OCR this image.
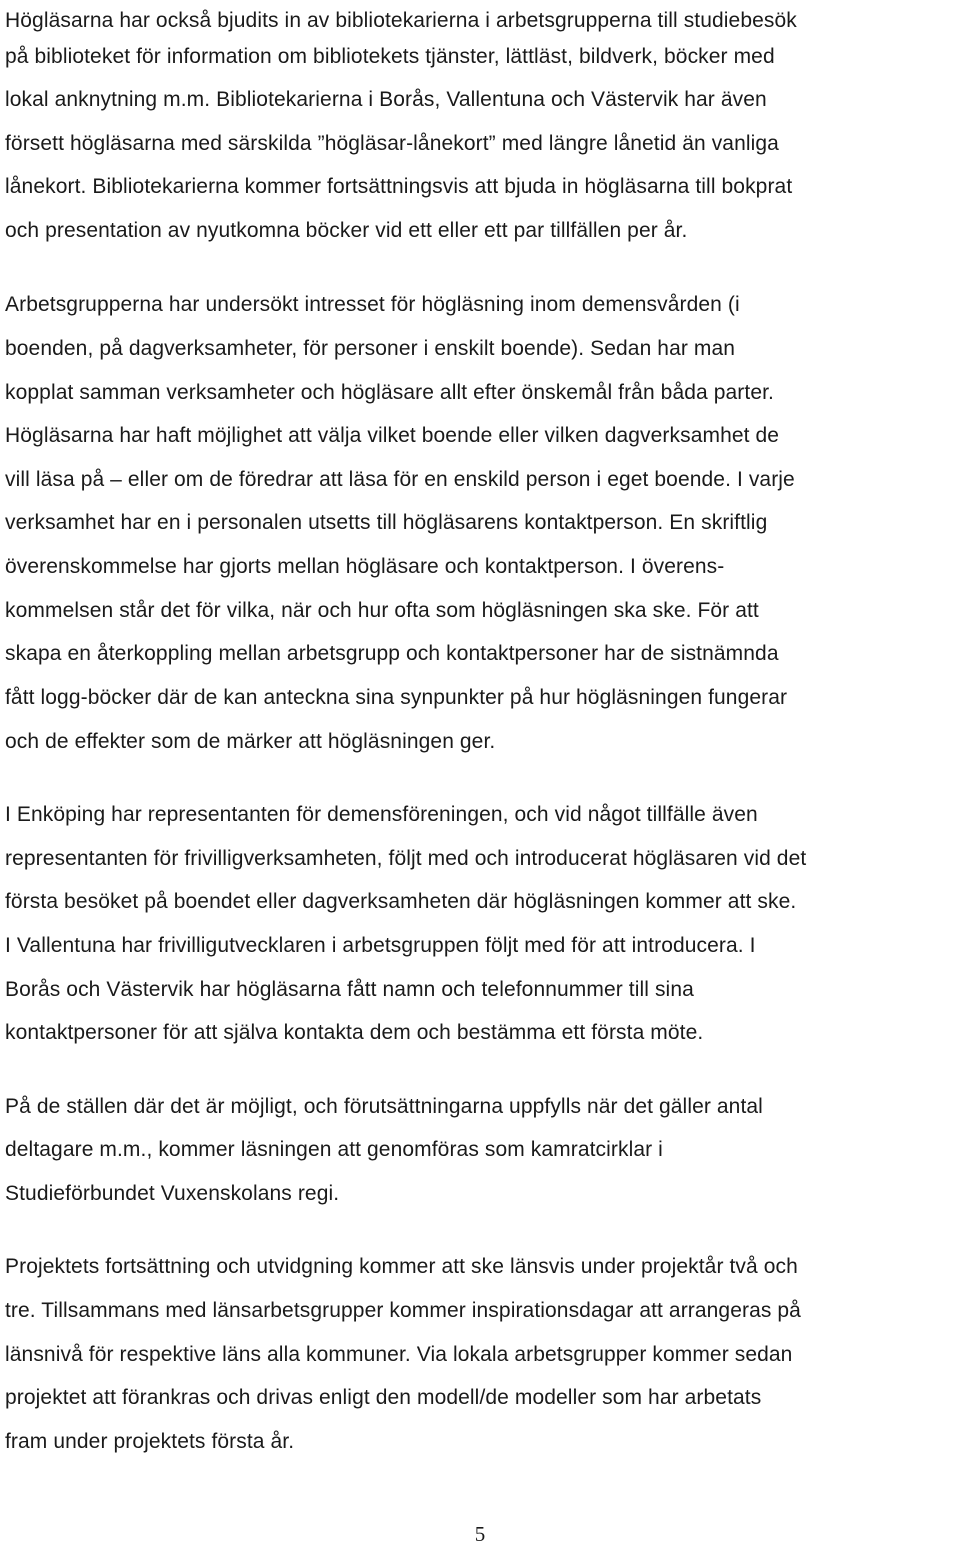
Högläsarna har också bjudits in av bibliotekarierna i arbetsgrupperna till studiebesök
på biblioteket för information om bibliotekets tjänster, lättläst, bildverk, böcker med
lokal anknytning m.m. Bibliotekarierna i Borås, Vallentuna och Västervik har även
försett högläsarna med särskilda ”högläsar-lånekort” med längre lånetid än vanliga
lånekort. Bibliotekarierna kommer fortsättningsvis att bjuda in högläsarna till bokprat
och presentation av nyutkomna böcker vid ett eller ett par tillfällen per år.
Arbetsgrupperna har undersökt intresset för högläsning inom demensvården (i
boenden, på dagverksamheter, för personer i enskilt boende). Sedan har man
kopplat samman verksamheter och högläsare allt efter önskemål från båda parter.
Högläsarna har haft möjlighet att välja vilket boende eller vilken dagverksamhet de
vill läsa på – eller om de föredrar att läsa för en enskild person i eget boende. I varje
verksamhet har en i personalen utsetts till högläsarens kontaktperson. En skriftlig
överenskommelse har gjorts mellan högläsare och kontaktperson. I överens-
kommelsen står det för vilka, när och hur ofta som högläsningen ska ske. För att
skapa en återkoppling mellan arbetsgrupp och kontaktpersoner har de sistnämnda
fått logg-böcker där de kan anteckna sina synpunkter på hur högläsningen fungerar
och de effekter som de märker att högläsningen ger.
I Enköping har representanten för demensföreningen, och vid något tillfälle även
representanten för frivilligverksamheten, följt med och introducerat högläsaren vid det
första besöket på boendet eller dagverksamheten där högläsningen kommer att ske.
I Vallentuna har frivilligutvecklaren i arbetsgruppen följt med för att introducera. I
Borås och Västervik har högläsarna fått namn och telefonnummer till sina
kontaktpersoner för att själva kontakta dem och bestämma ett första möte.
På de ställen där det är möjligt, och förutsättningarna uppfylls när det gäller antal
deltagare m.m., kommer läsningen att genomföras som kamratcirklar i
Studieförbundet Vuxenskolans regi.
Projektets fortsättning och utvidgning kommer att ske länsvis under projektår två och
tre. Tillsammans med länsarbetsgrupper kommer inspirationsdagar att arrangeras på
länsnivå för respektive läns alla kommuner. Via lokala arbetsgrupper kommer sedan
projektet att förankras och drivas enligt den modell/de modeller som har arbetats
fram under projektets första år.
5
